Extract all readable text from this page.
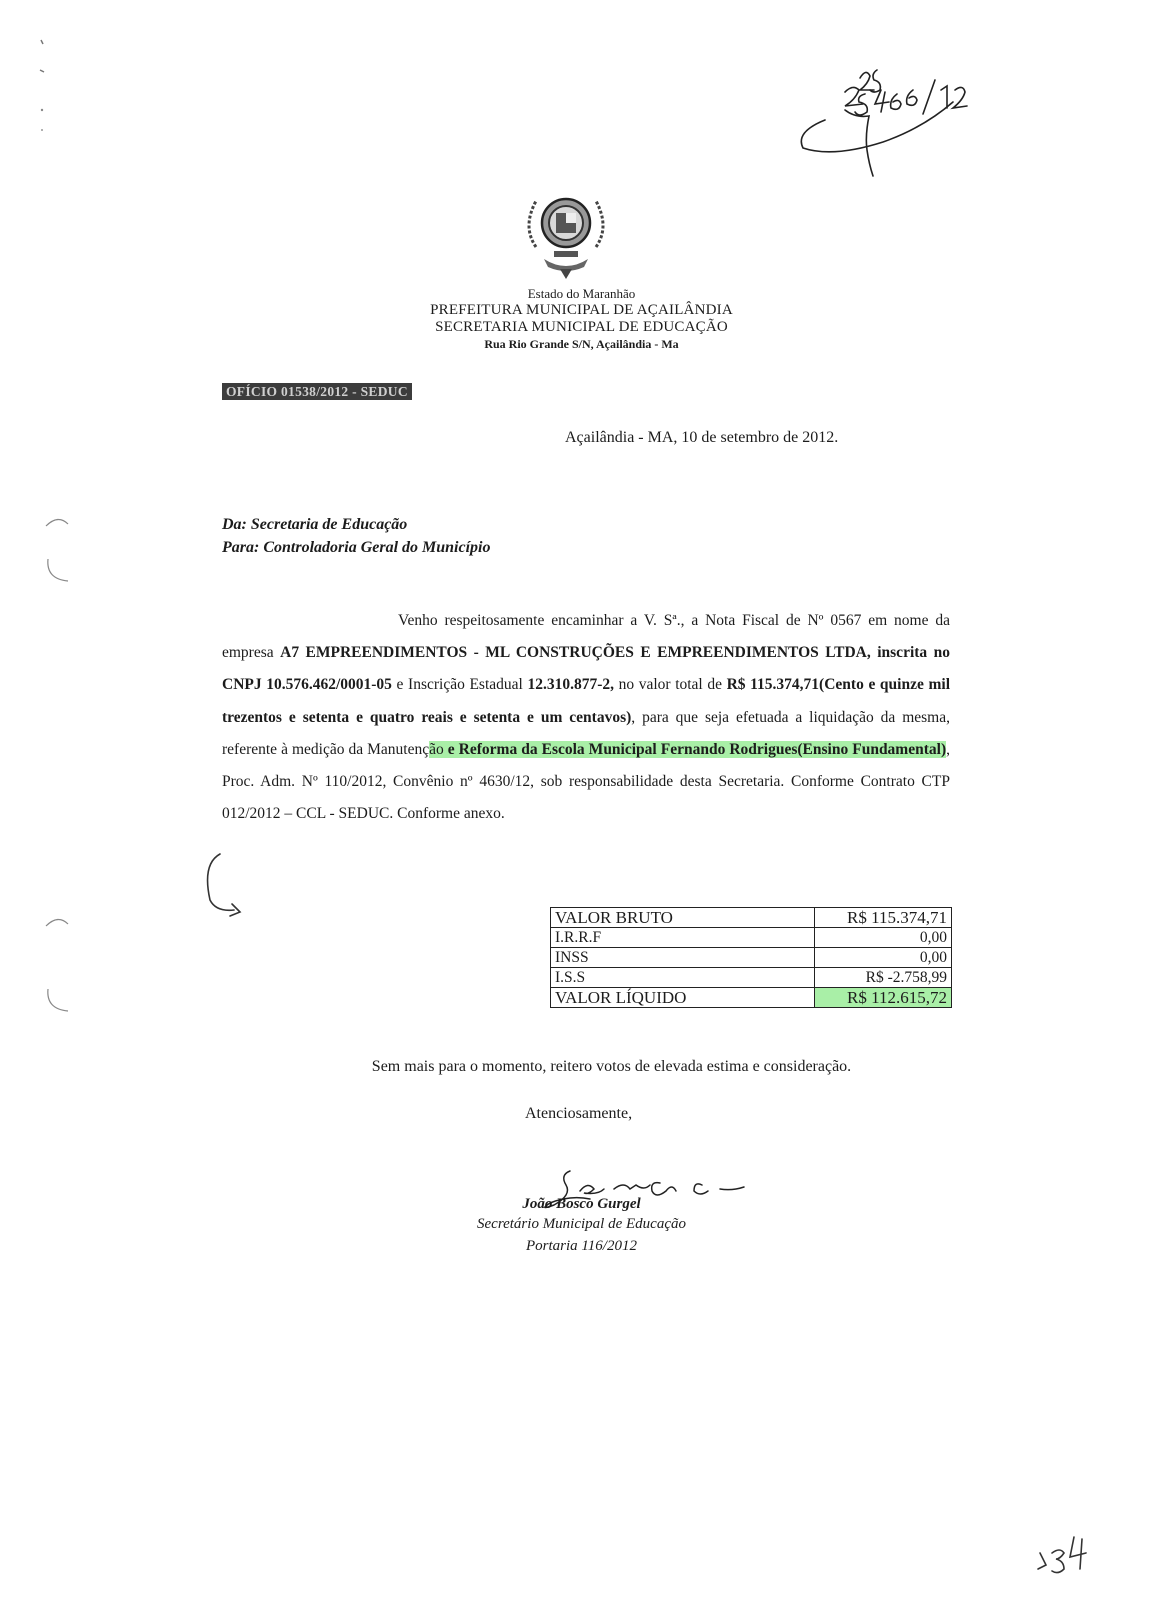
Estado do Maranhão
PREFEITURA MUNICIPAL DE AÇAILÂNDIA
SECRETARIA MUNICIPAL DE EDUCAÇÃO
Rua Rio Grande S/N, Açailândia - Ma
OFÍCIO 01538/2012 - SEDUC
Açailândia - MA, 10 de setembro de 2012.
Da: Secretaria de Educação
Para: Controladoria Geral do Município

Venho respeitosamente encaminhar a V. Sª., a Nota Fiscal de Nº 0567 em nome da empresa A7 EMPREENDIMENTOS - ML CONSTRUÇÕES E EMPREENDIMENTOS LTDA, inscrita no CNPJ 10.576.462/0001-05 e Inscrição Estadual 12.310.877-2, no valor total de R$ 115.374,71(Cento e quinze mil trezentos e setenta e quatro reais e setenta e um centavos), para que seja efetuada a liquidação da mesma, referente à medição da Manutenção e Reforma da Escola Municipal Fernando Rodrigues(Ensino Fundamental), Proc. Adm. Nº 110/2012, Convênio nº 4630/12, sob responsabilidade desta Secretaria. Conforme Contrato CTP 012/2012 – CCL - SEDUC. Conforme anexo.

VALOR BRUTO	R$ 115.374,71
I.R.R.F	0,00
INSS	0,00
I.S.S	R$ -2.758,99
VALOR LÍQUIDO	R$ 112.615,72
Sem mais para o momento, reitero votos de elevada estima e consideração.
Atenciosamente,
João Bosco Gurgel
Secretário Municipal de Educação
Portaria 116/2012
